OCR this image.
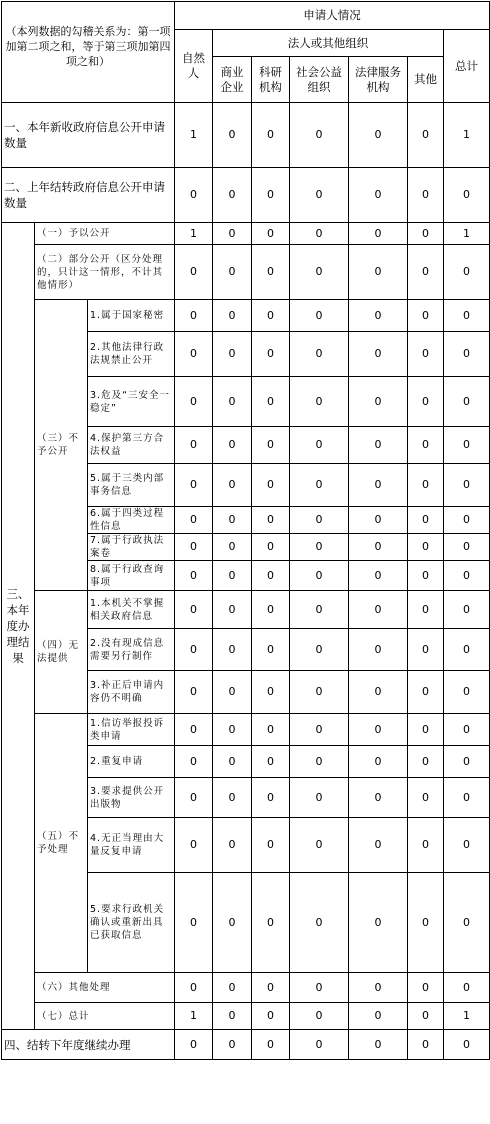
（本列数据的勾稽关系为：第一项加第二项之和，等于第三项加第四项之和）			申请人情况						
			自然人	法人或其他组织					总计
				商业企业	科研机构	社会公益组织	法律服务机构	其他	
一、本年新收政府信息公开申请数量			1	0	0	0	0	0	1
二、上年结转政府信息公开申请数量			0	0	0	0	0	0	0
三、本年度办理结果	（一）予以公开		1	0	0	0	0	0	1
	（二）部分公开（区分处理的，只计这一情形，不计其他情形）		0	0	0	0	0	0	0
	（三）不予公开	1.属于国家秘密	0	0	0	0	0	0	0
		2.其他法律行政法规禁止公开	0	0	0	0	0	0	0
		3.危及“三安全一稳定”	0	0	0	0	0	0	0
		4.保护第三方合法权益	0	0	0	0	0	0	0
		5.属于三类内部事务信息	0	0	0	0	0	0	0
		6.属于四类过程性信息	0	0	0	0	0	0	0
		7.属于行政执法案卷	0	0	0	0	0	0	0
		8.属于行政查询事项	0	0	0	0	0	0	0
	（四）无法提供	1.本机关不掌握相关政府信息	0	0	0	0	0	0	0
		2.没有现成信息需要另行制作	0	0	0	0	0	0	0
		3.补正后申请内容仍不明确	0	0	0	0	0	0	0
	（五）不予处理	1.信访举报投诉类申请	0	0	0	0	0	0	0
		2.重复申请	0	0	0	0	0	0	0
		3.要求提供公开出版物	0	0	0	0	0	0	0
		4.无正当理由大量反复申请	0	0	0	0	0	0	0
		5.要求行政机关确认或重新出具已获取信息	0	0	0	0	0	0	0
	（六）其他处理		0	0	0	0	0	0	0
	（七）总计		1	0	0	0	0	0	1
四、结转下年度继续办理			0	0	0	0	0	0	0
